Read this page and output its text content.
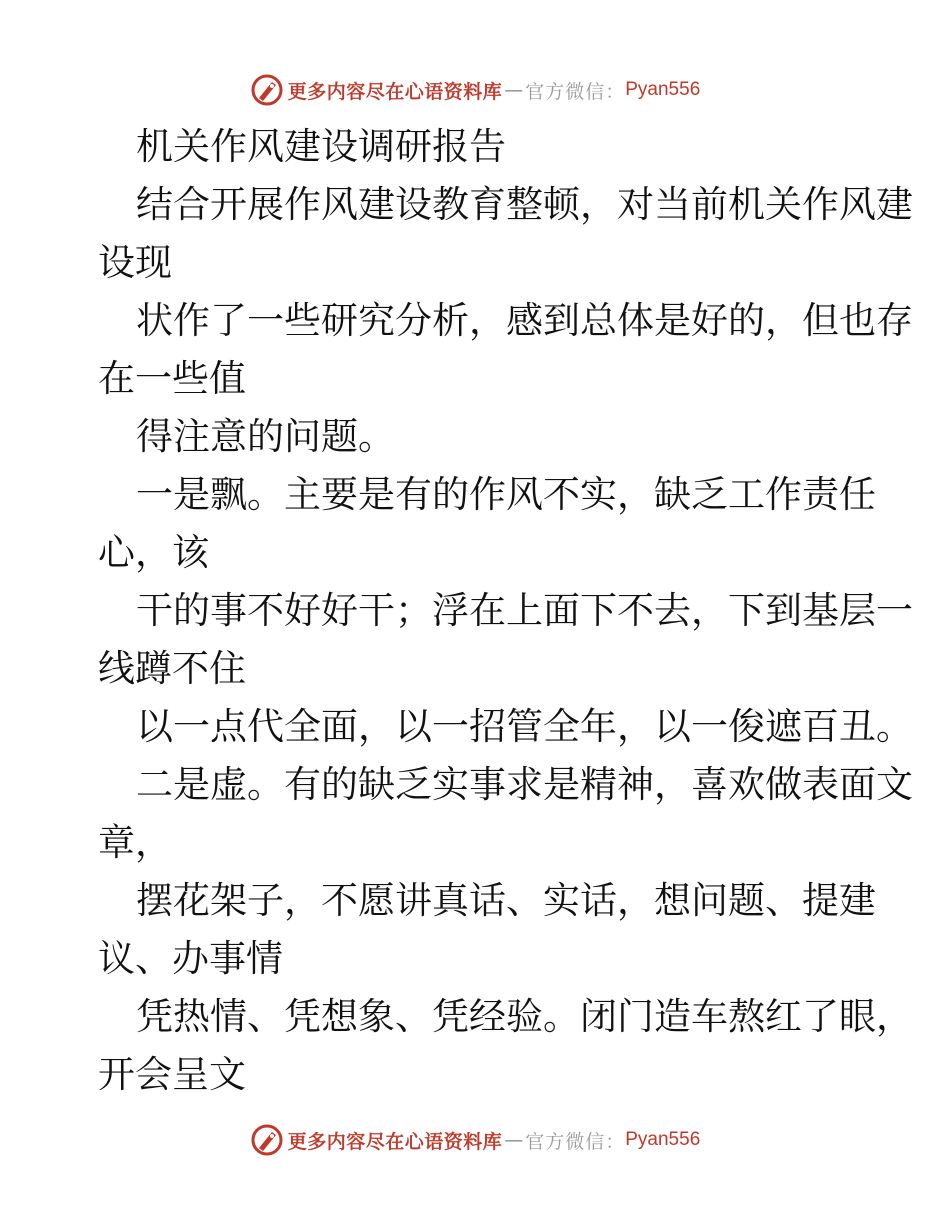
更多内容尽在心语资料库 — 官方微信： Pyan556
机关作风建设调研报告
结合开展作风建设教育整顿，对当前机关作风建
设现
状作了一些研究分析，感到总体是好的，但也存
在一些值
得注意的问题。
一是飘。主要是有的作风不实，缺乏工作责任
心，该
干的事不好好干；浮在上面下不去，下到基层一
线蹲不住
以一点代全面，以一招管全年，以一俊遮百丑。
二是虚。有的缺乏实事求是精神，喜欢做表面文
章，
摆花架子，不愿讲真话、实话，想问题、提建
议、办事情
凭热情、凭想象、凭经验。闭门造车熬红了眼，
开会呈文
更多内容尽在心语资料库 — 官方微信： Pyan556
